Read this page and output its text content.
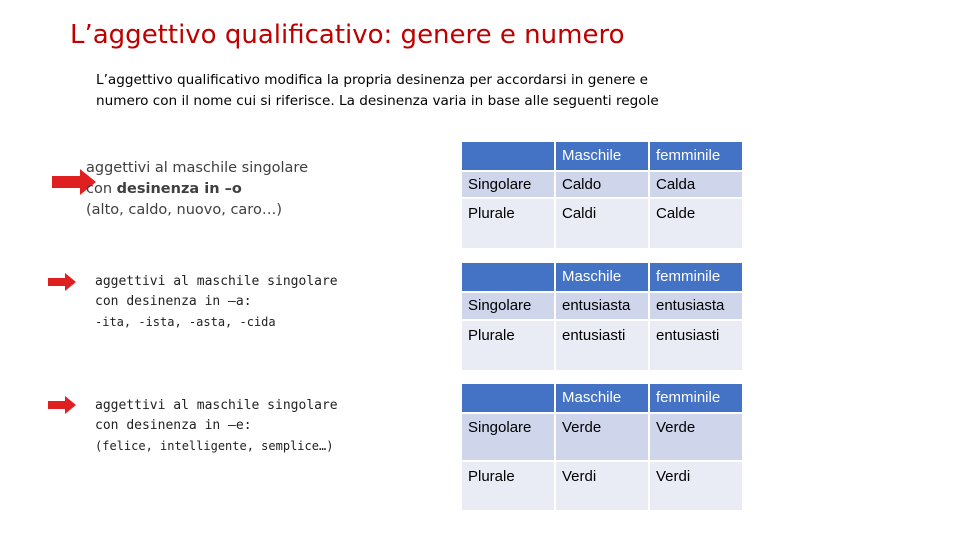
L’aggettivo qualificativo: genere e numero
L’aggettivo qualificativo modifica la propria desinenza per accordarsi in genere e
numero con il nome cui si riferisce. La desinenza varia in base alle seguenti regole
aggettivi al maschile singolare
con desinenza in –o
(alto, caldo, nuovo, caro…)
aggettivi al maschile singolare
con desinenza in –a:
-ita, -ista, -asta, -cida
aggettivi al maschile singolare
con desinenza in –e:
(felice, intelligente, semplice…)
	Maschile	femminile
Singolare	Caldo	Calda
Plurale	Caldi	Calde
	Maschile	femminile
Singolare	entusiasta	entusiasta
Plurale	entusiasti	entusiasti
	Maschile	femminile
Singolare	Verde	Verde
Plurale	Verdi	Verdi
